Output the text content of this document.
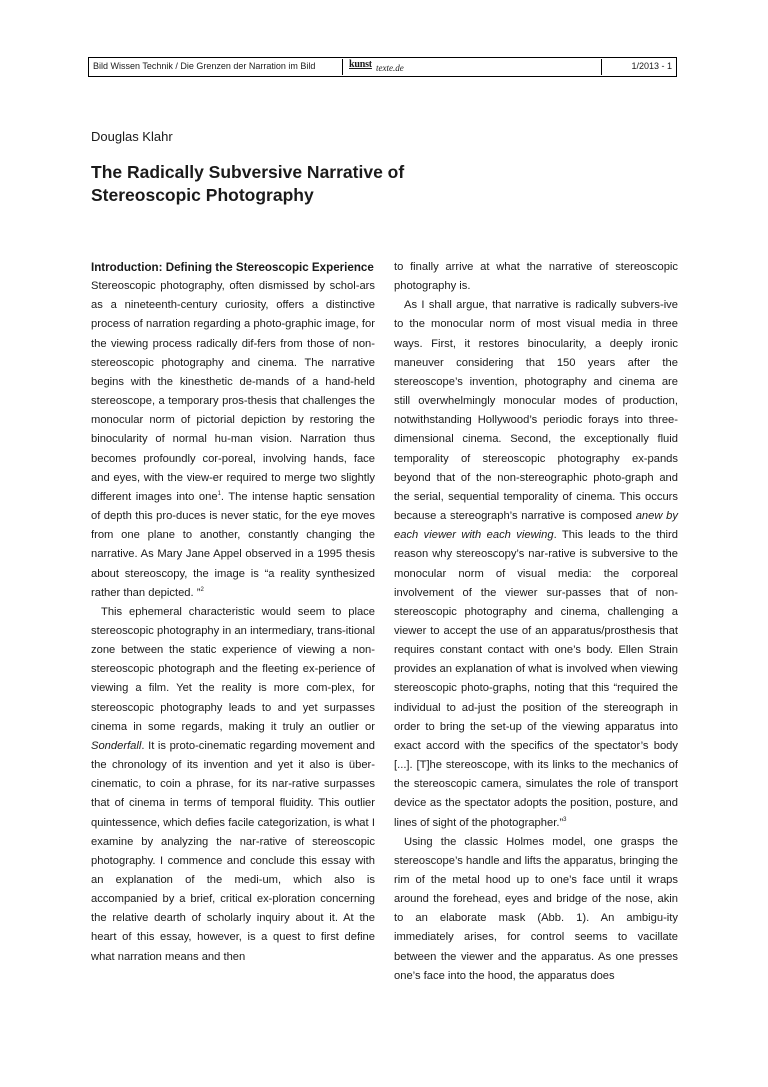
Bild Wissen Technik / Die Grenzen der Narration im Bild	kunst texte.de	1/2013 - 1
Douglas Klahr
The Radically Subversive Narrative of Stereoscopic Photography

Introduction: Defining the Stereoscopic Experience

Stereoscopic photography, often dismissed by schol-ars as a nineteenth-century curiosity, offers a distinctive process of narration regarding a photo-graphic image, for the viewing process radically dif-fers from those of non-stereoscopic photography and cinema. The narrative begins with the kinesthetic de-mands of a hand-held stereoscope, a temporary pros-thesis that challenges the monocular norm of pictorial depiction by restoring the binocularity of normal hu-man vision. Narration thus becomes profoundly cor-poreal, involving hands, face and eyes, with the view-er required to merge two slightly different images into one$^1$. The intense haptic sensation of depth this pro-duces is never static, for the eye moves from one plane to another, constantly changing the narrative. As Mary Jane Appel observed in a 1995 thesis about stereoscopy, the image is “a reality synthesized rather than depicted. ”$^2$

This ephemeral characteristic would seem to place stereoscopic photography in an intermediary, trans-itional zone between the static experience of viewing a non-stereoscopic photograph and the fleeting ex-perience of viewing a film. Yet the reality is more com-plex, for stereoscopic photography leads to and yet surpasses cinema in some regards, making it truly an outlier or Sonderfall. It is proto-cinematic regarding movement and the chronology of its invention and yet it also is über-cinematic, to coin a phrase, for its nar-rative surpasses that of cinema in terms of temporal fluidity. This outlier quintessence, which defies facile categorization, is what I examine by analyzing the nar-rative of stereoscopic photography. I commence and conclude this essay with an explanation of the medi-um, which also is accompanied by a brief, critical ex-ploration concerning the relative dearth of scholarly inquiry about it. At the heart of this essay, however, is a quest to first define what narration means and then

to finally arrive at what the narrative of stereoscopic photography is.

As I shall argue, that narrative is radically subvers-ive to the monocular norm of most visual media in three ways. First, it restores binocularity, a deeply ironic maneuver considering that 150 years after the stereoscope’s invention, photography and cinema are still overwhelmingly monocular modes of production, notwithstanding Hollywood’s periodic forays into three-dimensional cinema. Second, the exceptionally fluid temporality of stereoscopic photography ex-pands beyond that of the non-stereographic photo-graph and the serial, sequential temporality of cinema. This occurs because a stereograph’s narrative is composed anew by each viewer with each viewing. This leads to the third reason why stereoscopy’s nar-rative is subversive to the monocular norm of visual media: the corporeal involvement of the viewer sur-passes that of non-stereoscopic photography and cinema, challenging a viewer to accept the use of an apparatus/prosthesis that requires constant contact with one’s body. Ellen Strain provides an explanation of what is involved when viewing stereoscopic photo-graphs, noting that this “required the individual to ad-just the position of the stereograph in order to bring the set-up of the viewing apparatus into exact accord with the specifics of the spectator’s body [...]. [T]he stereoscope, with its links to the mechanics of the stereoscopic camera, simulates the role of transport device as the spectator adopts the position, posture, and lines of sight of the photographer.”$^3$

Using the classic Holmes model, one grasps the stereoscope’s handle and lifts the apparatus, bringing the rim of the metal hood up to one’s face until it wraps around the forehead, eyes and bridge of the nose, akin to an elaborate mask (Abb. 1). An ambigu-ity immediately arises, for control seems to vacillate between the viewer and the apparatus. As one presses one’s face into the hood, the apparatus does
